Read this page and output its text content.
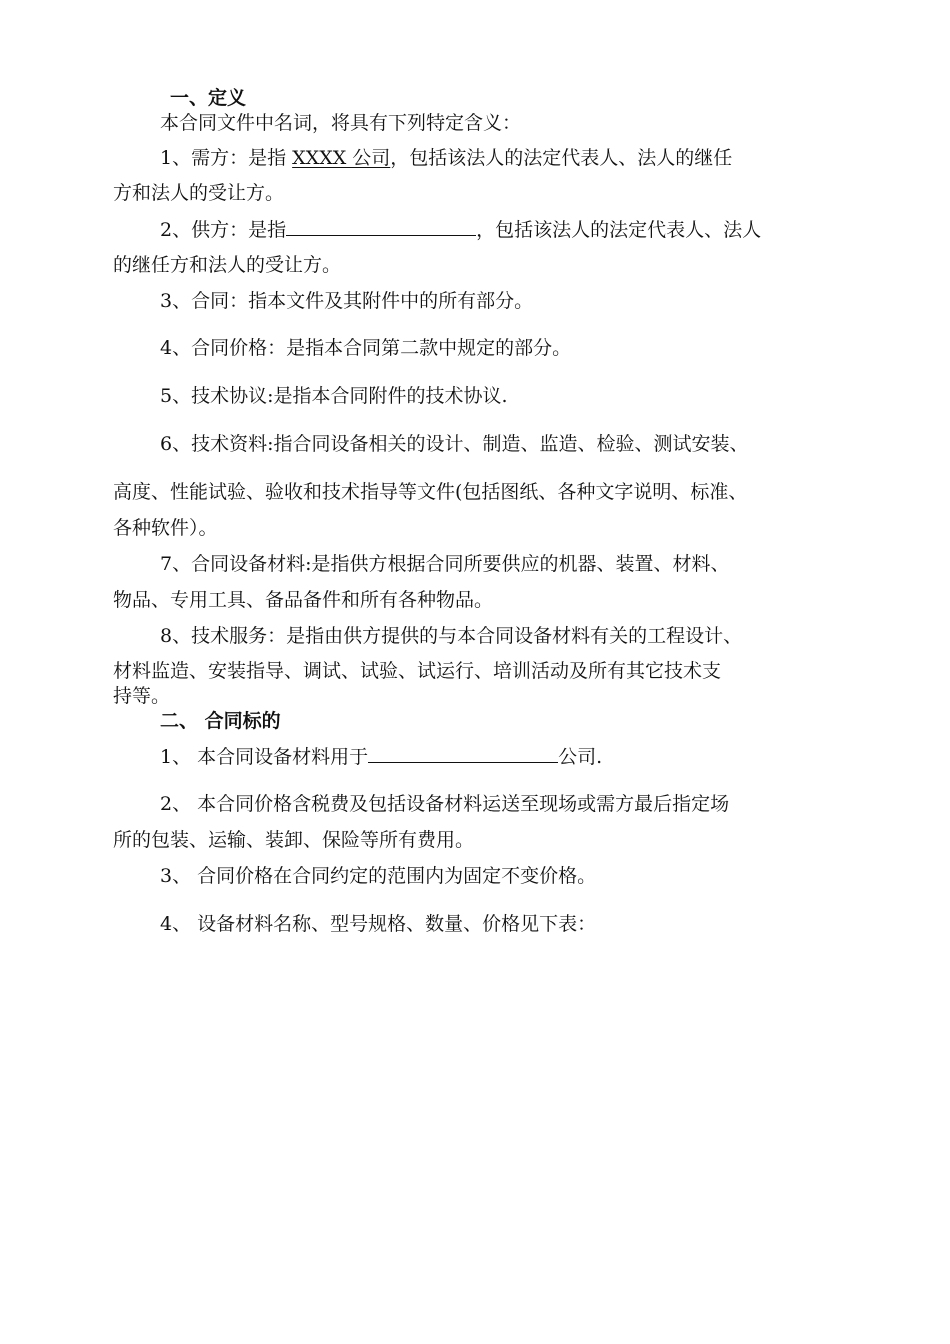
一、定义
本合同文件中名词，将具有下列特定含义：
1、需方：是指 XXXX 公司，包括该法人的法定代表人、法人的继任
方和法人的受让方。
2、供方：是指	，包括该法人的法定代表人、法人
的继任方和法人的受让方。
3、合同：指本文件及其附件中的所有部分。
4、合同价格：是指本合同第二款中规定的部分。
5、技术协议:是指本合同附件的技术协议.
6、技术资料:指合同设备相关的设计、制造、监造、检验、测试安装、
高度、性能试验、验收和技术指导等文件(包括图纸、各种文字说明、标准、
各种软件）。
7、合同设备材料:是指供方根据合同所要供应的机器、装置、材料、
物品、专用工具、备品备件和所有各种物品。
8、技术服务：是指由供方提供的与本合同设备材料有关的工程设计、
材料监造、安装指导、调试、试验、试运行、培训活动及所有其它技术支
持等。
二、 合同标的
1、 本合同设备材料用于	公司.
2、 本合同价格含税费及包括设备材料运送至现场或需方最后指定场
所的包装、运输、装卸、保险等所有费用。
3、 合同价格在合同约定的范围内为固定不变价格。
4、 设备材料名称、型号规格、数量、价格见下表：
